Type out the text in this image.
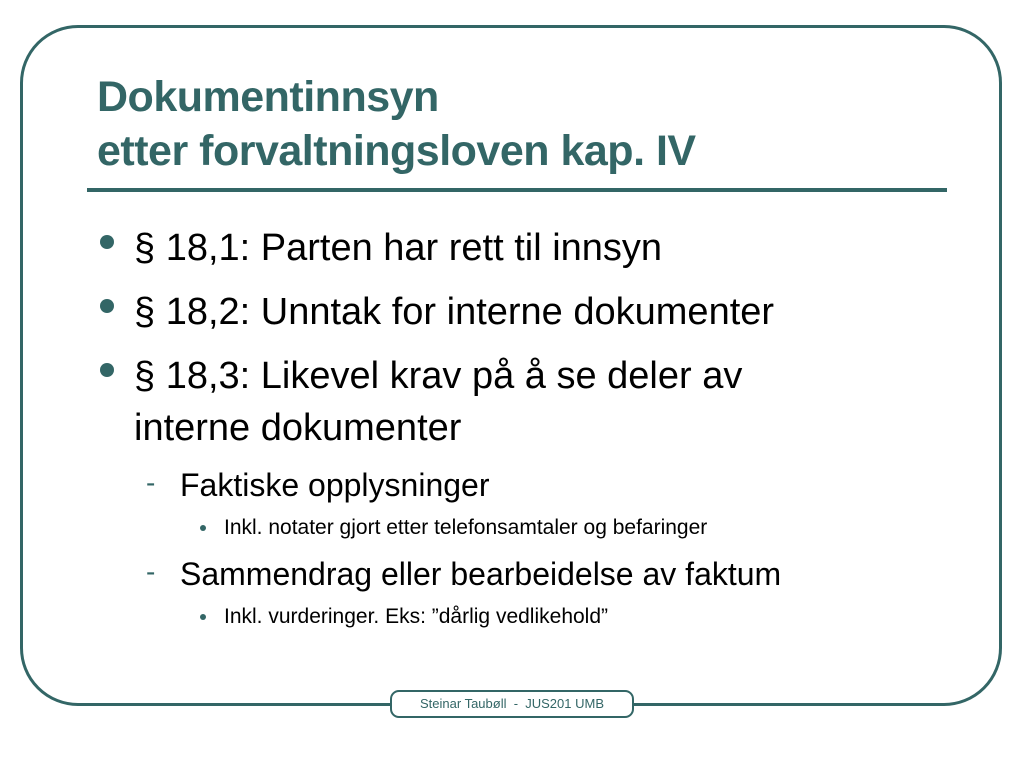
Dokumentinnsyn
etter forvaltningsloven kap. IV
§ 18,1: Parten har rett til innsyn
§ 18,2: Unntak for interne dokumenter
§ 18,3: Likevel krav på å se deler av
interne dokumenter
- Faktiske opplysninger
Inkl. notater gjort etter telefonsamtaler og befaringer
- Sammendrag eller bearbeidelse av faktum
Inkl. vurderinger. Eks: ”dårlig vedlikehold”
Steinar Taubøll  -  JUS201 UMB
